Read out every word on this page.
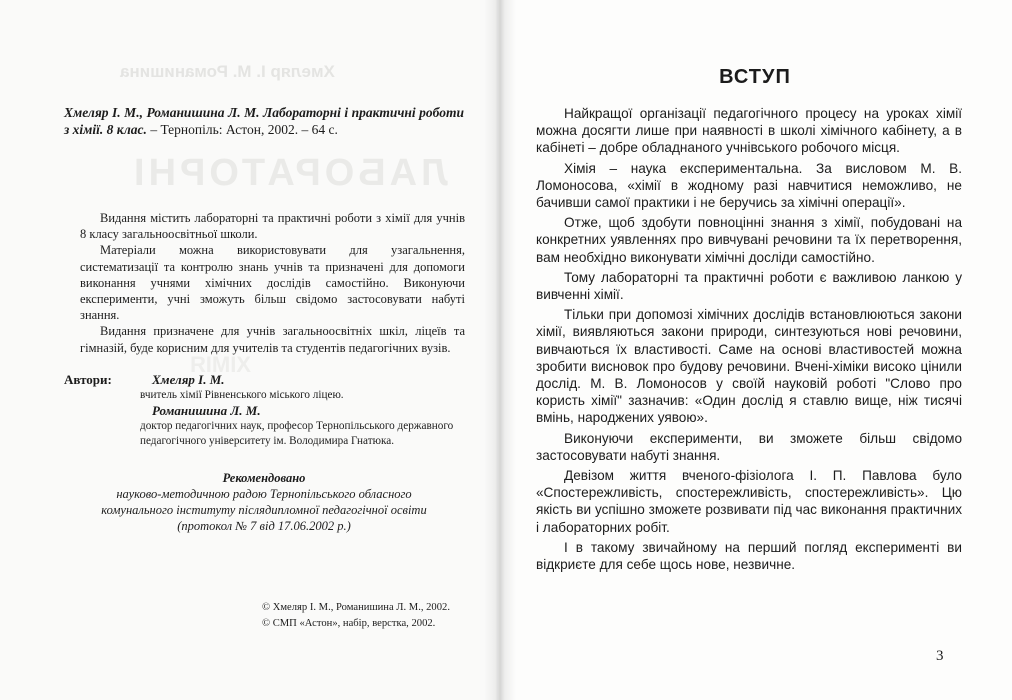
Хмеляр І. М. Романишина
ЛАБОРАТОРНІ
ХІМІЯ
Хмеляр І. М., Романишина Л. М. Лабораторні і практичні роботи з хімії. 8 клас. – Тернопіль: Астон, 2002. – 64 с.

Видання містить лабораторні та практичні роботи з хімії для учнів 8 класу загальноосвітньої школи.

Матеріали можна використовувати для узагальнення, систематизації та контролю знань учнів та призначені для допомоги виконання учнями хімічних дослідів самостійно. Виконуючи експерименти, учні зможуть більш свідомо застосовувати набуті знання.

Видання призначене для учнів загальноосвітніх шкіл, ліцеїв та гімназій, буде корисним для учителів та студентів педагогічних вузів.

Автори:	Хмеляр І. М.
вчитель хімії Рівненського міського ліцею.
Романишина Л. М.
доктор педагогічних наук, професор Тернопільського державного педагогічного університету ім. Володимира Гнатюка.
Рекомендовано
науково-методичною радою Тернопільського обласного
комунального інституту післядипломної педагогічної освіти
(протокол № 7 від 17.06.2002 р.)
© Хмеляр І. М., Романишина Л. М., 2002.
© СМП «Астон», набір, верстка, 2002.
ВСТУП

Найкращої організації педагогічного процесу на уроках хімії можна досягти лише при наявності в школі хімічного кабінету, а в кабінеті – добре обладнаного учнівського робочого місця.

Хімія – наука експериментальна. За висловом М. В. Ломоносова, «хімії в жодному разі навчитися неможливо, не бачивши самої практики і не беручись за хімічні операції».

Отже, щоб здобути повноцінні знання з хімії, побудовані на конкретних уявленнях про вивчувані речовини та їх перетворення, вам необхідно виконувати хімічні досліди самостійно.

Тому лабораторні та практичні роботи є важливою ланкою у вивченні хімії.

Тільки при допомозі хімічних дослідів встановлюються закони хімії, виявляються закони природи, синтезуються нові речовини, вивчаються їх властивості. Саме на основі властивостей можна зробити висновок про будову речовини. Вчені-хіміки високо цінили дослід. М. В. Ломоносов у своїй науковій роботі "Слово про користь хімії" зазначив: «Один дослід я ставлю вище, ніж тисячі вмінь, народжених уявою».

Виконуючи експерименти, ви зможете більш свідомо застосовувати набуті знання.

Девізом життя вченого-фізіолога І. П. Павлова було «Спостережливість, спостережливість, спостережливість». Цю якість ви успішно зможете розвивати під час виконання практичних і лабораторних робіт.

І в такому звичайному на перший погляд експерименті ви відкриєте для себе щось нове, незвичне.

3
